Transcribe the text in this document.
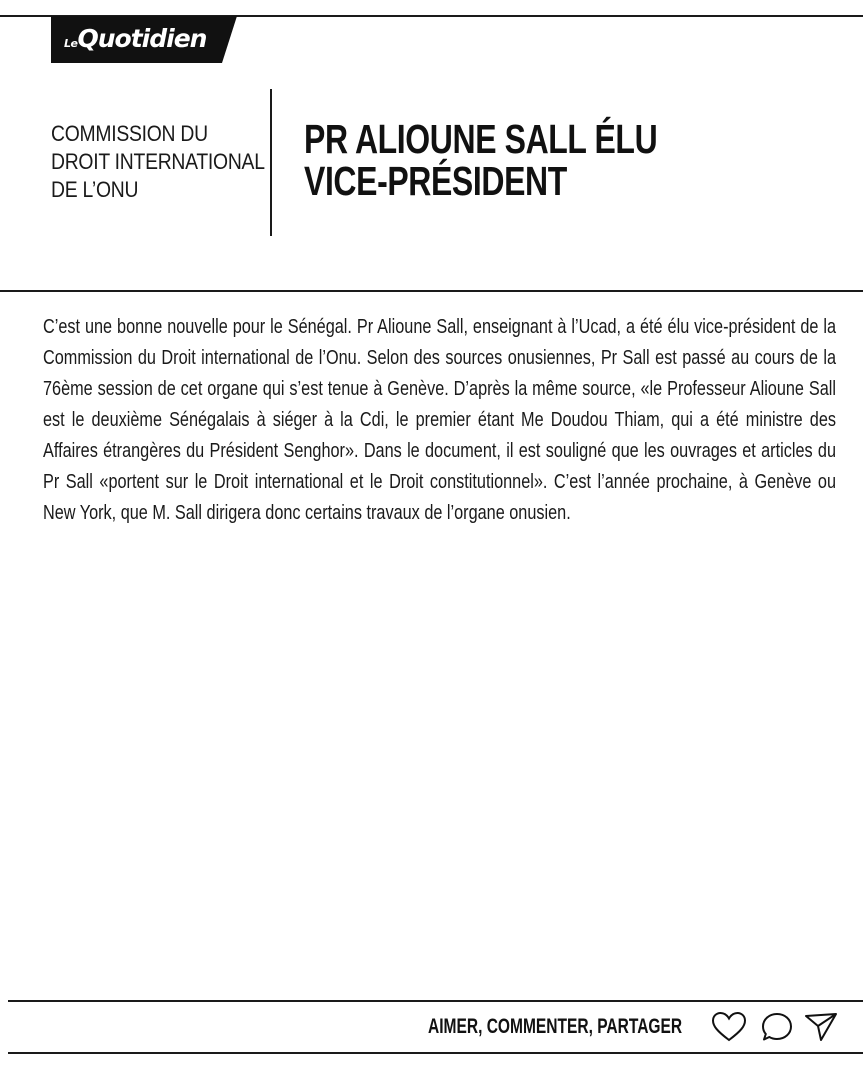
LeQuotidien
COMMISSION DU
DROIT INTERNATIONAL
DE L’ONU
PR ALIOUNE SALL ÉLU
VICE-PRÉSIDENT
C’est une bonne nouvelle pour le Sénégal. Pr Alioune Sall, enseignant à l’Ucad, a été élu vice-président de la Commission du Droit international de l’Onu. Selon des sources onusiennes, Pr Sall est passé au cours de la 76ème session de cet organe qui s’est tenue à Genève. D’après la même source, «le Professeur Alioune Sall est le deuxième Sénégalais à siéger à la Cdi, le premier étant Me Doudou Thiam, qui a été ministre des Affaires étrangères du Président Senghor». Dans le document, il est souligné que les ouvrages et articles du Pr Sall «portent sur le Droit international et le Droit constitutionnel». C’est l’année prochaine, à Genève ou New York, que M. Sall dirigera donc certains travaux de l’organe onusien.
AIMER, COMMENTER, PARTAGER
